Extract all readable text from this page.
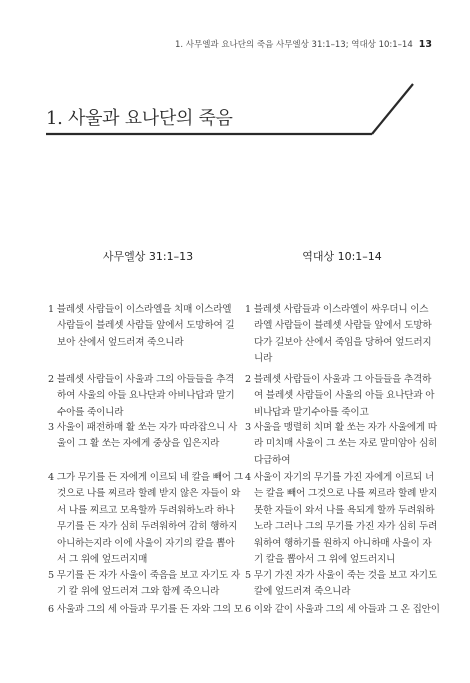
1. 사무엘과 요나단의 죽음 사무엘상 31:1–13; 역대상 10:1–14 13
1. 사울과 요나단의 죽음
사무엘상 31:1–13	역대상 10:1–14
1 블레셋 사람들이 이스라엘을 치매 이스라엘
사람들이 블레셋 사람들 앞에서 도망하여 길
보아 산에서 엎드러져 죽으니라
2 블레셋 사람들이 사울과 그의 아들들을 추격
하여 사울의 아들 요나단과 아비나답과 말기
수아를 죽이니라
3 사울이 패전하매 활 쏘는 자가 따라잡으니 사
울이 그 활 쏘는 자에게 중상을 입은지라
4 그가 무기를 든 자에게 이르되 네 칼을 빼어 그
것으로 나를 찌르라 할례 받지 않은 자들이 와
서 나를 찌르고 모욕할까 두려워하노라 하나
무기를 든 자가 심히 두려워하여 감히 행하지
아니하는지라 이에 사울이 자기의 칼을 뽑아
서 그 위에 엎드러지매
5 무기를 든 자가 사울이 죽음을 보고 자기도 자
기 칼 위에 엎드러져 그와 함께 죽으니라
6 사울과 그의 세 아들과 무기를 든 자와 그의 모
1 블레셋 사람들과 이스라엘이 싸우더니 이스
라엘 사람들이 블레셋 사람들 앞에서 도망하
다가 길보아 산에서 죽임을 당하여 엎드러지
니라
2 블레셋 사람들이 사울과 그 아들들을 추격하
여 블레셋 사람들이 사울의 아들 요나단과 아
비나답과 말기수아를 죽이고
3 사울을 맹렬히 치며 활 쏘는 자가 사울에게 따
라 미치매 사울이 그 쏘는 자로 말미암아 심히
다급하여
4 사울이 자기의 무기를 가진 자에게 이르되 너
는 칼을 빼어 그것으로 나를 찌르라 할례 받지
못한 자들이 와서 나를 욕되게 할까 두려워하
노라 그러나 그의 무기를 가진 자가 심히 두려
워하여 행하기를 원하지 아니하매 사울이 자
기 칼을 뽑아서 그 위에 엎드러지니
5 무기 가진 자가 사울이 죽는 것을 보고 자기도
칼에 엎드러져 죽으니라
6 이와 같이 사울과 그의 세 아들과 그 온 집안이
